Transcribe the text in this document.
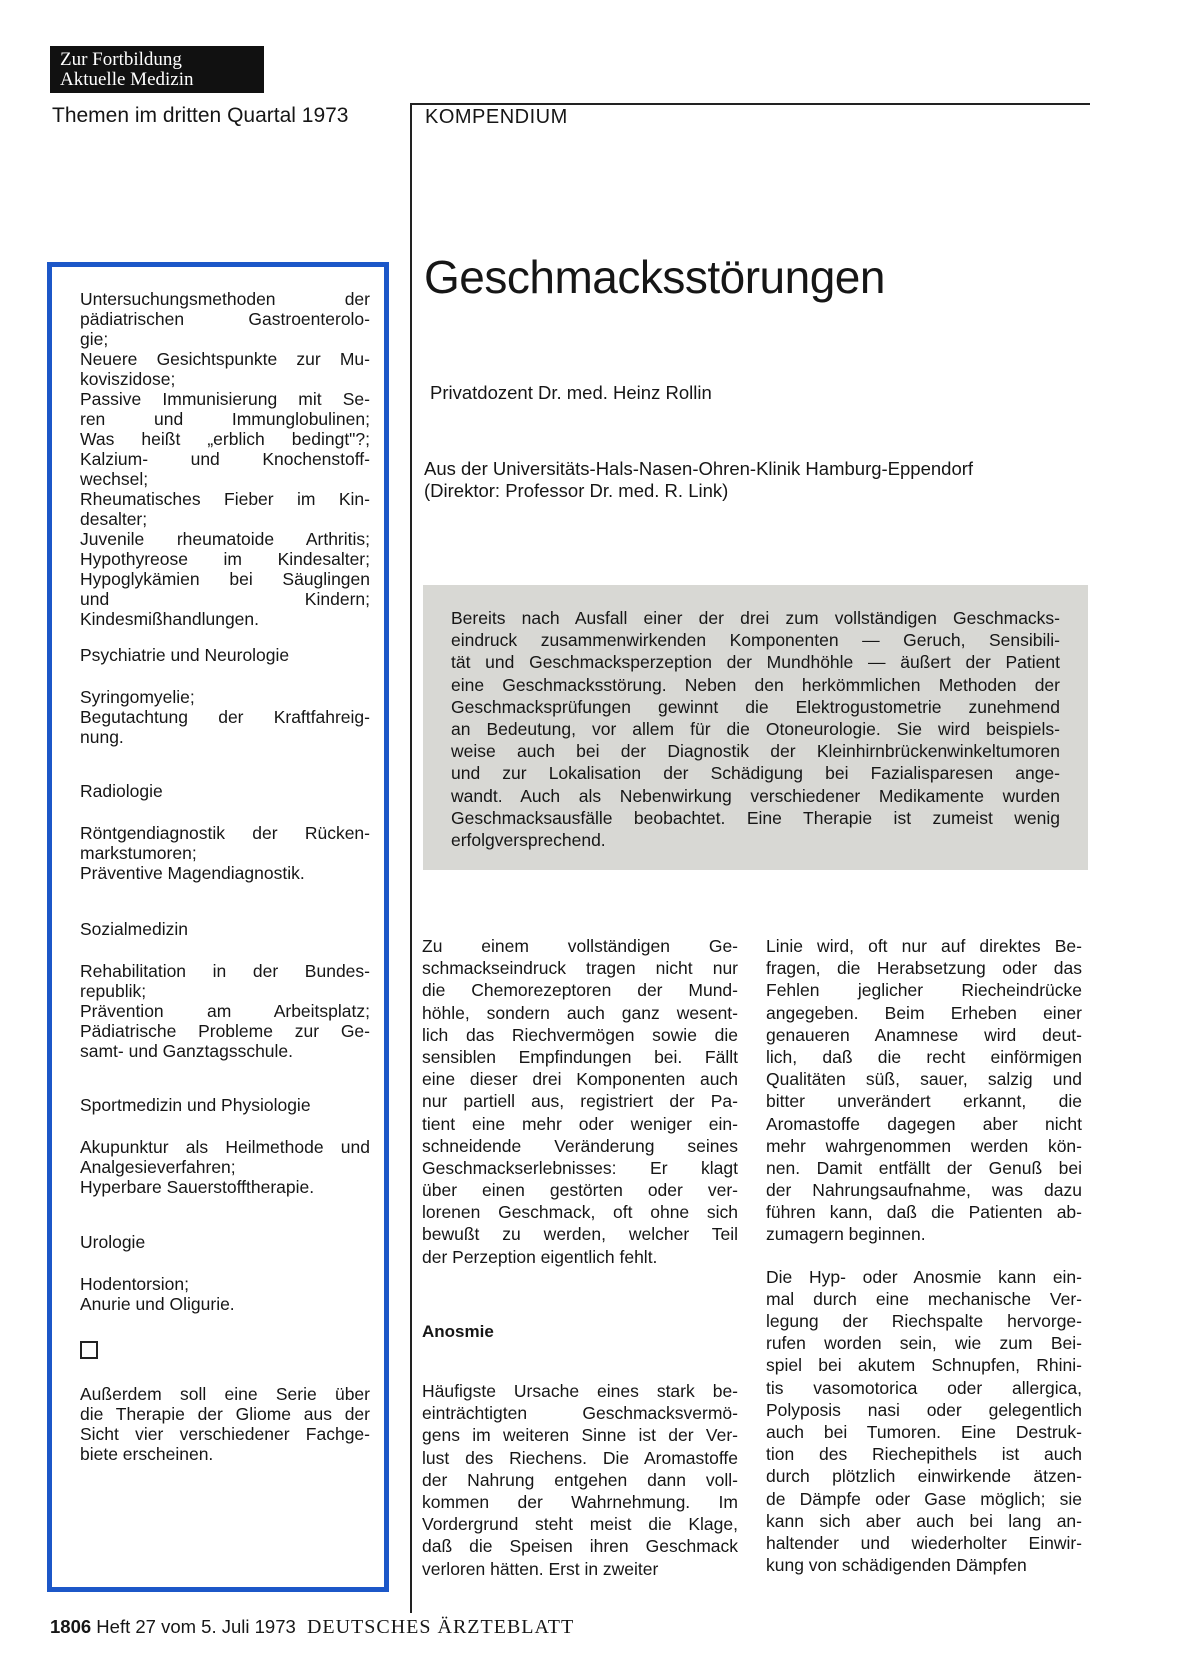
Zur Fortbildung
Aktuelle Medizin
Themen im dritten Quartal 1973	KOMPENDIUM
Untersuchungsmethoden der
pädiatrischen Gastroenterolo-
gie;
Neuere Gesichtspunkte zur Mu-
koviszidose;
Passive Immunisierung mit Se-
ren und Immunglobulinen;
Was heißt „erblich bedingt"?;
Kalzium- und Knochenstoff-
wechsel;
Rheumatisches Fieber im Kin-
desalter;
Juvenile rheumatoide Arthritis;
Hypothyreose im Kindesalter;
Hypoglykämien bei Säuglingen
und Kindern;
Kindesmißhandlungen.
Psychiatrie und Neurologie
Syringomyelie;
Begutachtung der Kraftfahreig-
nung.
Radiologie
Röntgendiagnostik der Rücken-
markstumoren;
Präventive Magendiagnostik.
Sozialmedizin
Rehabilitation in der Bundes-
republik;
Prävention am Arbeitsplatz;
Pädiatrische Probleme zur Ge-
samt- und Ganztagsschule.
Sportmedizin und Physiologie
Akupunktur als Heilmethode und
Analgesieverfahren;
Hyperbare Sauerstofftherapie.
Urologie
Hodentorsion;
Anurie und Oligurie.
Außerdem soll eine Serie über
die Therapie der Gliome aus der
Sicht vier verschiedener Fachge-
biete erscheinen.
Geschmacksstörungen
Privatdozent Dr. med. Heinz Rollin
Aus der Universitäts-Hals-Nasen-Ohren-Klinik Hamburg-Eppendorf
(Direktor: Professor Dr. med. R. Link)
Bereits nach Ausfall einer der drei zum vollständigen Geschmacks-
eindruck zusammenwirkenden Komponenten — Geruch, Sensibili-
tät und Geschmacksperzeption der Mundhöhle — äußert der Patient
eine Geschmacksstörung. Neben den herkömmlichen Methoden der
Geschmacksprüfungen gewinnt die Elektrogustometrie zunehmend
an Bedeutung, vor allem für die Otoneurologie. Sie wird beispiels-
weise auch bei der Diagnostik der Kleinhirnbrückenwinkeltumoren
und zur Lokalisation der Schädigung bei Fazialisparesen ange-
wandt. Auch als Nebenwirkung verschiedener Medikamente wurden
Geschmacksausfälle beobachtet. Eine Therapie ist zumeist wenig
erfolgversprechend.
Zu einem vollständigen Ge-
schmackseindruck tragen nicht nur
die Chemorezeptoren der Mund-
höhle, sondern auch ganz wesent-
lich das Riechvermögen sowie die
sensiblen Empfindungen bei. Fällt
eine dieser drei Komponenten auch
nur partiell aus, registriert der Pa-
tient eine mehr oder weniger ein-
schneidende Veränderung seines
Geschmackserlebnisses: Er klagt
über einen gestörten oder ver-
lorenen Geschmack, oft ohne sich
bewußt zu werden, welcher Teil
der Perzeption eigentlich fehlt.
Anosmie
Häufigste Ursache eines stark be-
einträchtigten Geschmacksvermö-
gens im weiteren Sinne ist der Ver-
lust des Riechens. Die Aromastoffe
der Nahrung entgehen dann voll-
kommen der Wahrnehmung. Im
Vordergrund steht meist die Klage,
daß die Speisen ihren Geschmack
verloren hätten. Erst in zweiter
Linie wird, oft nur auf direktes Be-
fragen, die Herabsetzung oder das
Fehlen jeglicher Riecheindrücke
angegeben. Beim Erheben einer
genaueren Anamnese wird deut-
lich, daß die recht einförmigen
Qualitäten süß, sauer, salzig und
bitter unverändert erkannt, die
Aromastoffe dagegen aber nicht
mehr wahrgenommen werden kön-
nen. Damit entfällt der Genuß bei
der Nahrungsaufnahme, was dazu
führen kann, daß die Patienten ab-
zumagern beginnen.
Die Hyp- oder Anosmie kann ein-
mal durch eine mechanische Ver-
legung der Riechspalte hervorge-
rufen worden sein, wie zum Bei-
spiel bei akutem Schnupfen, Rhini-
tis vasomotorica oder allergica,
Polyposis nasi oder gelegentlich
auch bei Tumoren. Eine Destruk-
tion des Riechepithels ist auch
durch plötzlich einwirkende ätzen-
de Dämpfe oder Gase möglich; sie
kann sich aber auch bei lang an-
haltender und wiederholter Einwir-
kung von schädigenden Dämpfen
1806 Heft 27 vom 5. Juli 1973 DEUTSCHES ÄRZTEBLATT
